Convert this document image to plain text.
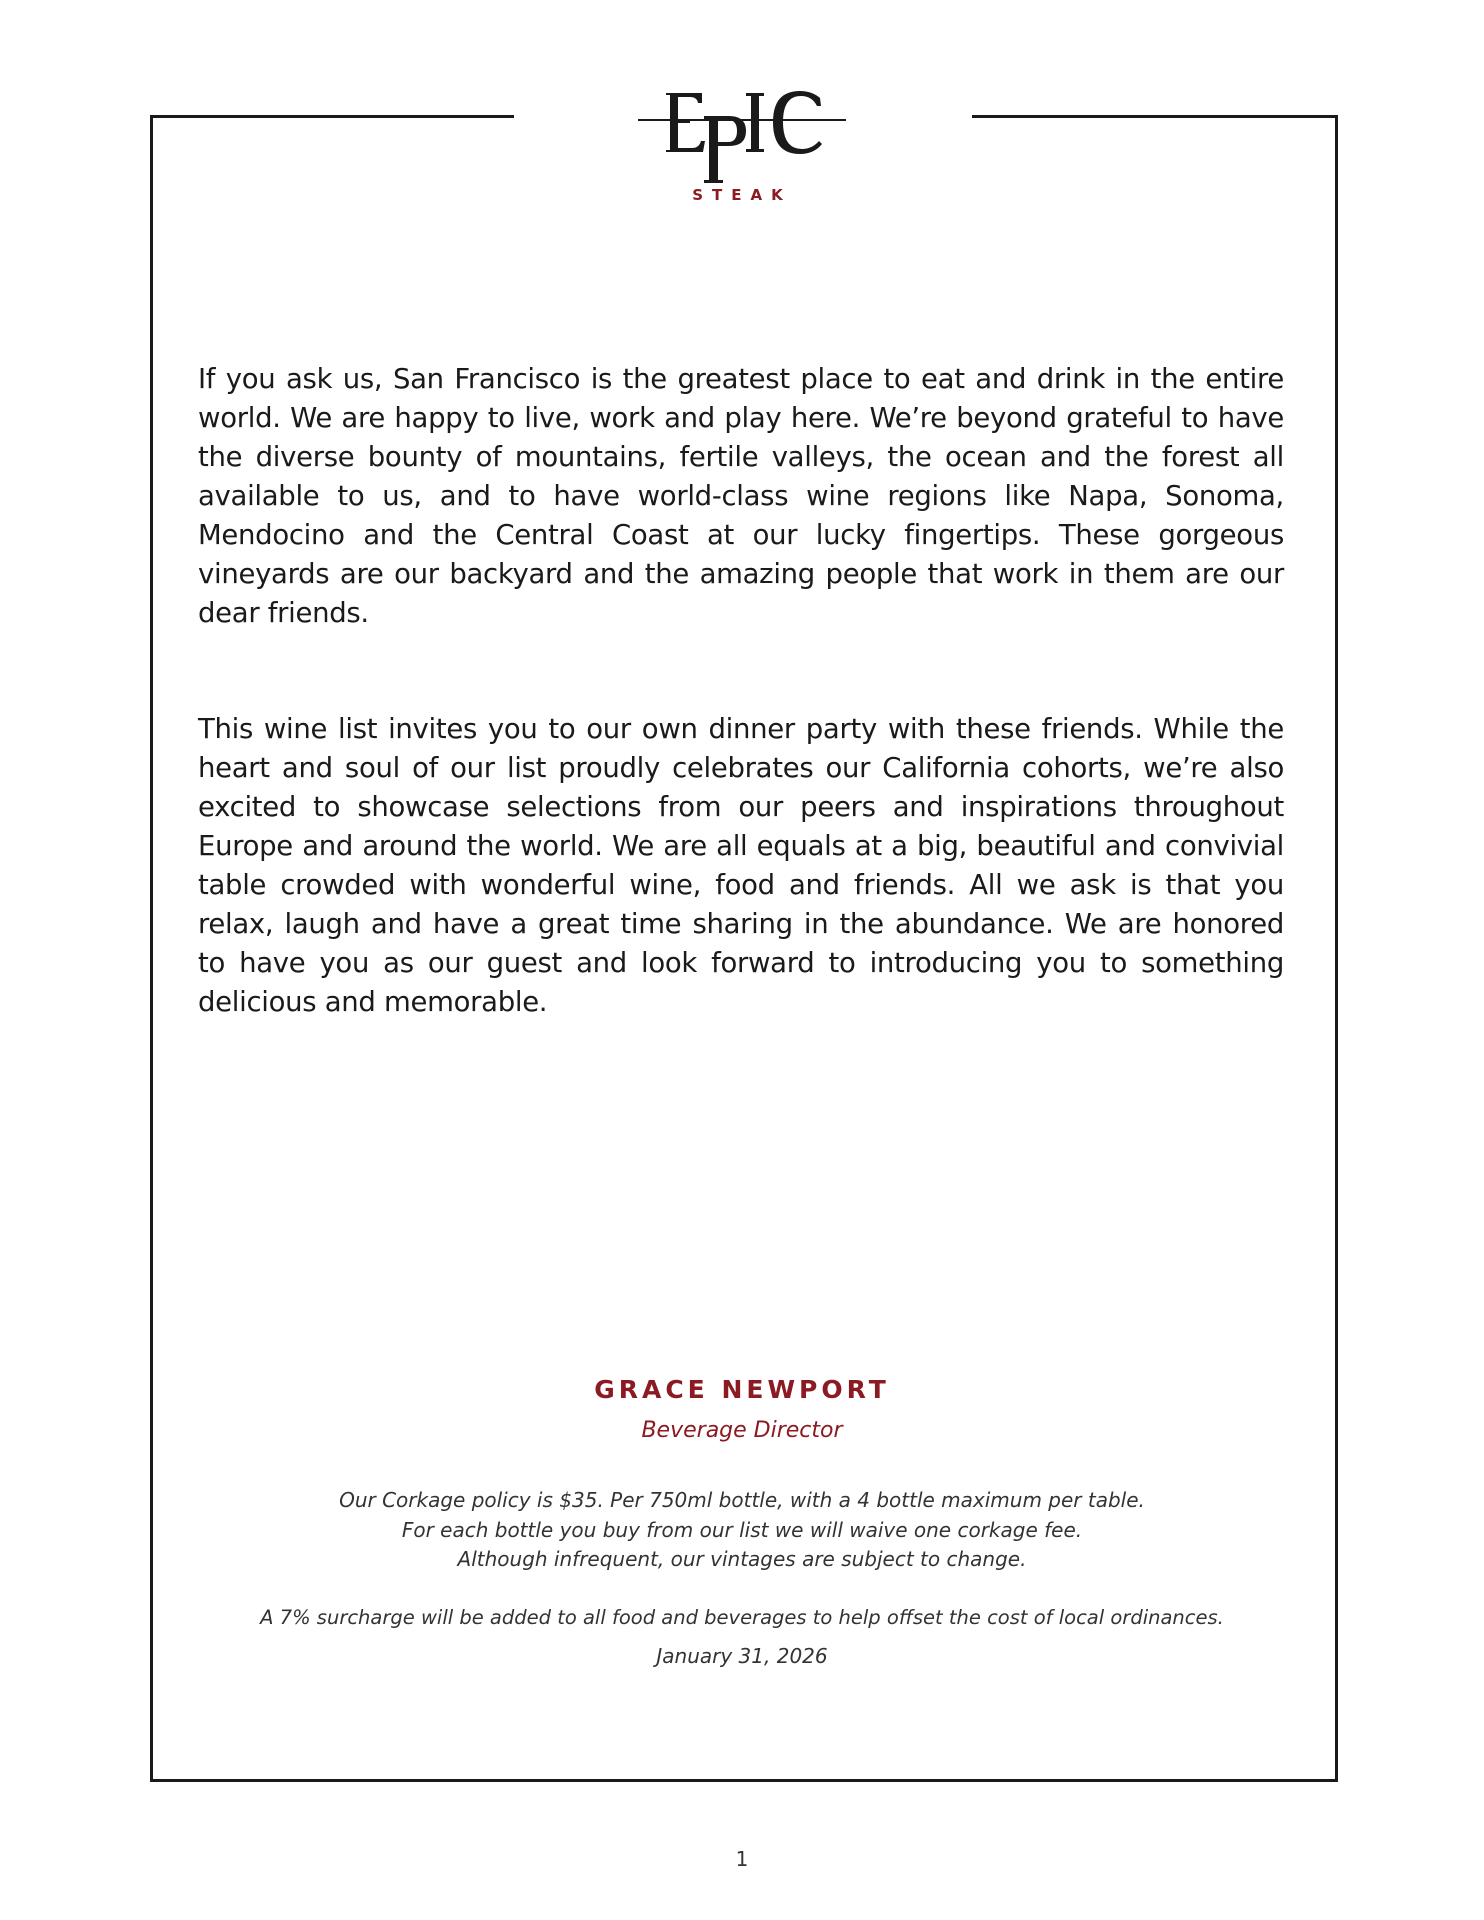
STEAK

If you ask us, San Francisco is the greatest place to eat and drink in the entire world. We are happy to live, work and play here. We’re beyond grateful to have the diverse bounty of mountains, fertile valleys, the ocean and the forest all available to us, and to have world-class wine regions like Napa, Sonoma, Mendocino and the Central Coast at our lucky fingertips. These gorgeous vineyards are our backyard and the amazing people that work in them are our dear friends.

This wine list invites you to our own dinner party with these friends. While the heart and soul of our list proudly celebrates our California cohorts, we’re also excited to showcase selections from our peers and inspirations throughout Europe and around the world. We are all equals at a big, beautiful and convivial table crowded with wonderful wine, food and friends. All we ask is that you relax, laugh and have a great time sharing in the abundance. We are honored to have you as our guest and look forward to introducing you to something delicious and memorable.

GRACE NEWPORT
Beverage Director
Our Corkage policy is $35. Per 750ml bottle, with a 4 bottle maximum per table.
For each bottle you buy from our list we will waive one corkage fee.
Although infrequent, our vintages are subject to change.
A 7% surcharge will be added to all food and beverages to help offset the cost of local ordinances.
January 31, 2026
1
